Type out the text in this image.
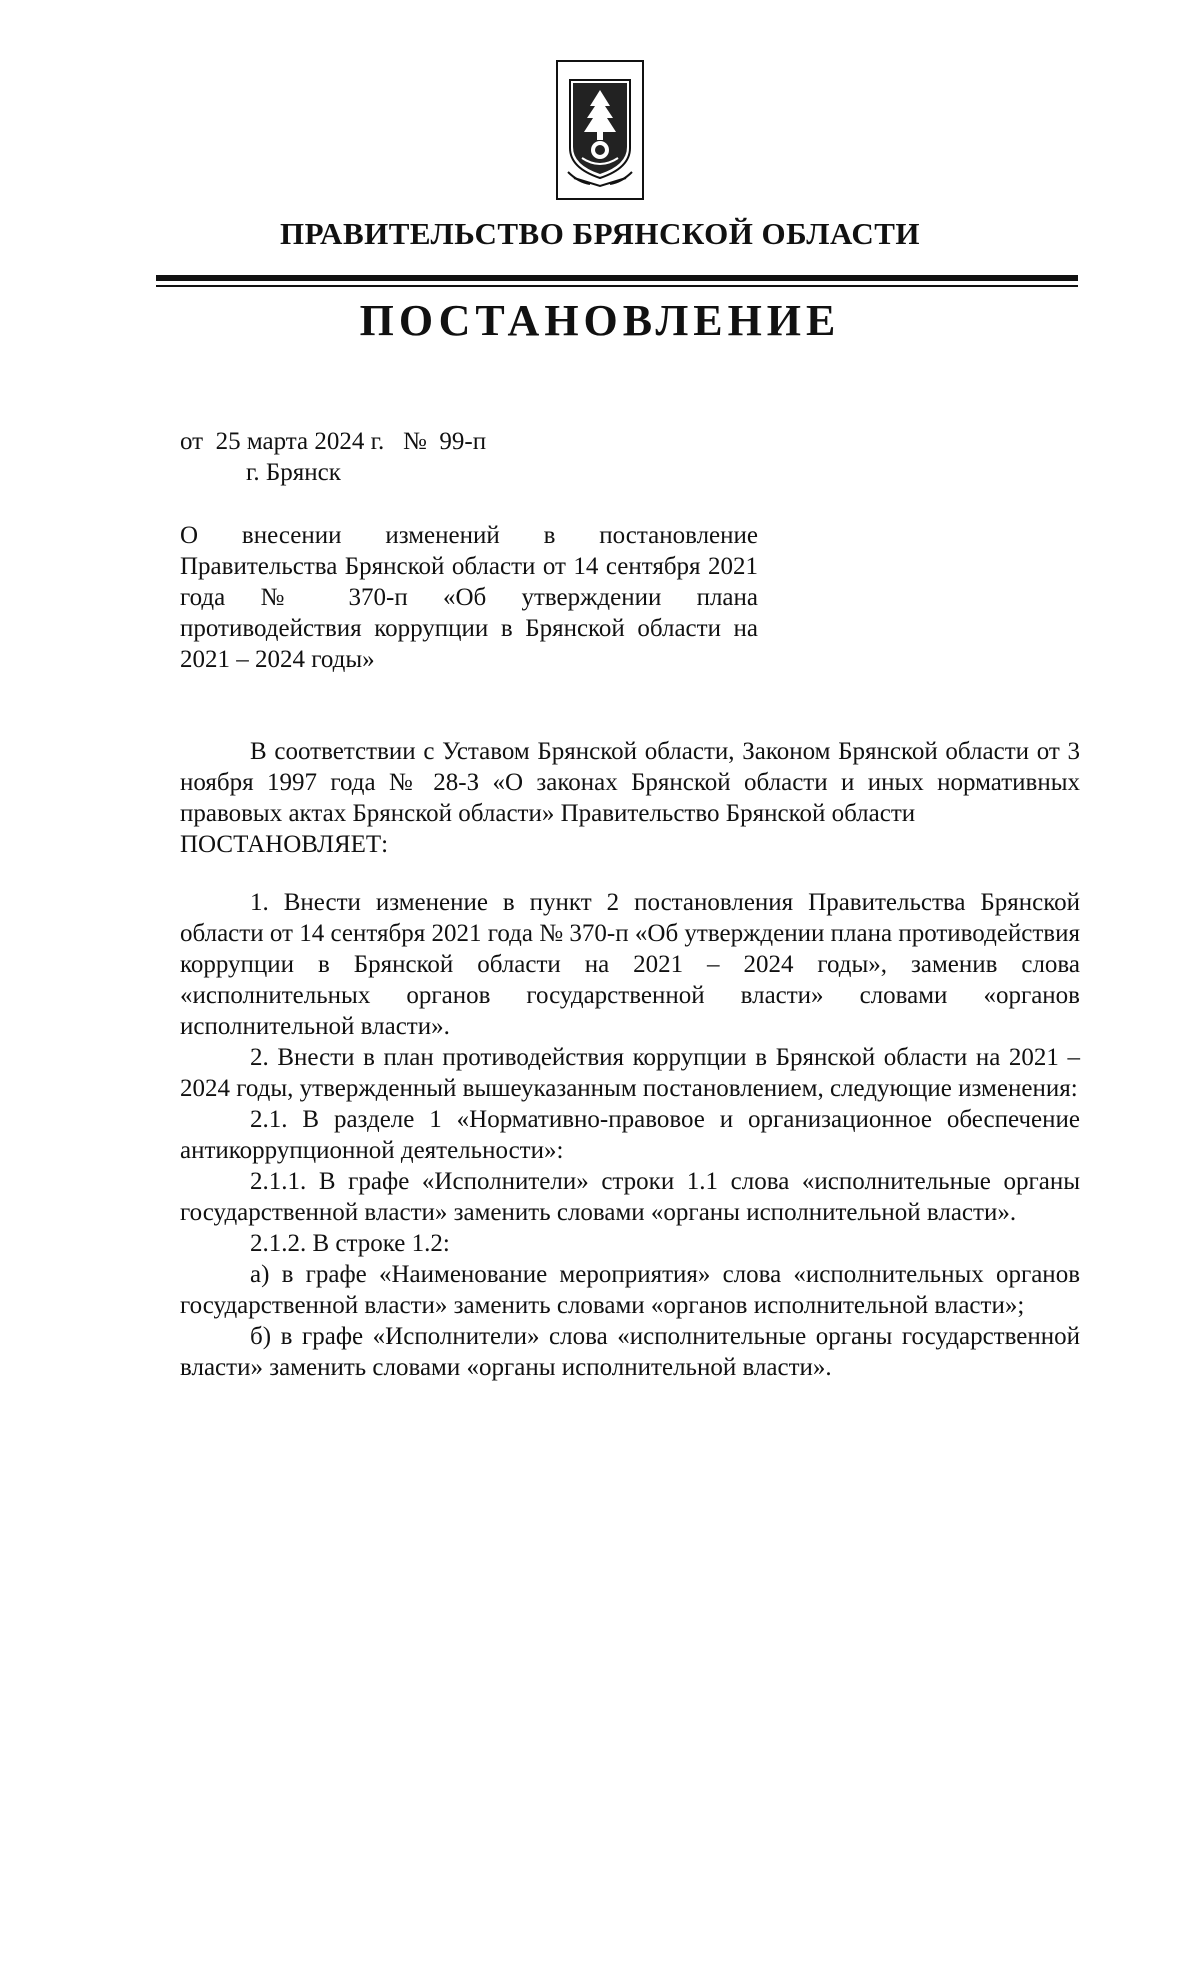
ПРАВИТЕЛЬСТВО БРЯНСКОЙ ОБЛАСТИ
ПОСТАНОВЛЕНИЕ
от  25 марта 2024 г.   №  99-п
г. Брянск
О внесении изменений в постановление Правительства Брянской области от 14 сентября 2021 года № 370-п «Об утверждении плана противодействия коррупции в Брянской области на 2021 – 2024 годы»

В соответствии с Уставом Брянской области, Законом Брянской области от 3 ноября 1997 года № 28-З «О законах Брянской области и иных нормативных правовых актах Брянской области» Правительство Брянской области

ПОСТАНОВЛЯЕТ:

1. Внести изменение в пункт 2 постановления Правительства Брянской области от 14 сентября 2021 года № 370-п «Об утверждении плана противодействия коррупции в Брянской области на 2021 – 2024 годы», заменив слова «исполнительных органов государственной власти» словами «органов исполнительной власти».

2. Внести в план противодействия коррупции в Брянской области на 2021 – 2024 годы, утвержденный вышеуказанным постановлением, следующие изменения:

2.1. В разделе 1 «Нормативно-правовое и организационное обеспечение антикоррупционной деятельности»:

2.1.1. В графе «Исполнители» строки 1.1 слова «исполнительные органы государственной власти» заменить словами «органы исполнительной власти».

2.1.2. В строке 1.2:

а) в графе «Наименование мероприятия» слова «исполнительных органов государственной власти» заменить словами «органов исполнительной власти»;

б) в графе «Исполнители» слова «исполнительные органы государственной власти» заменить словами «органы исполнительной власти».
